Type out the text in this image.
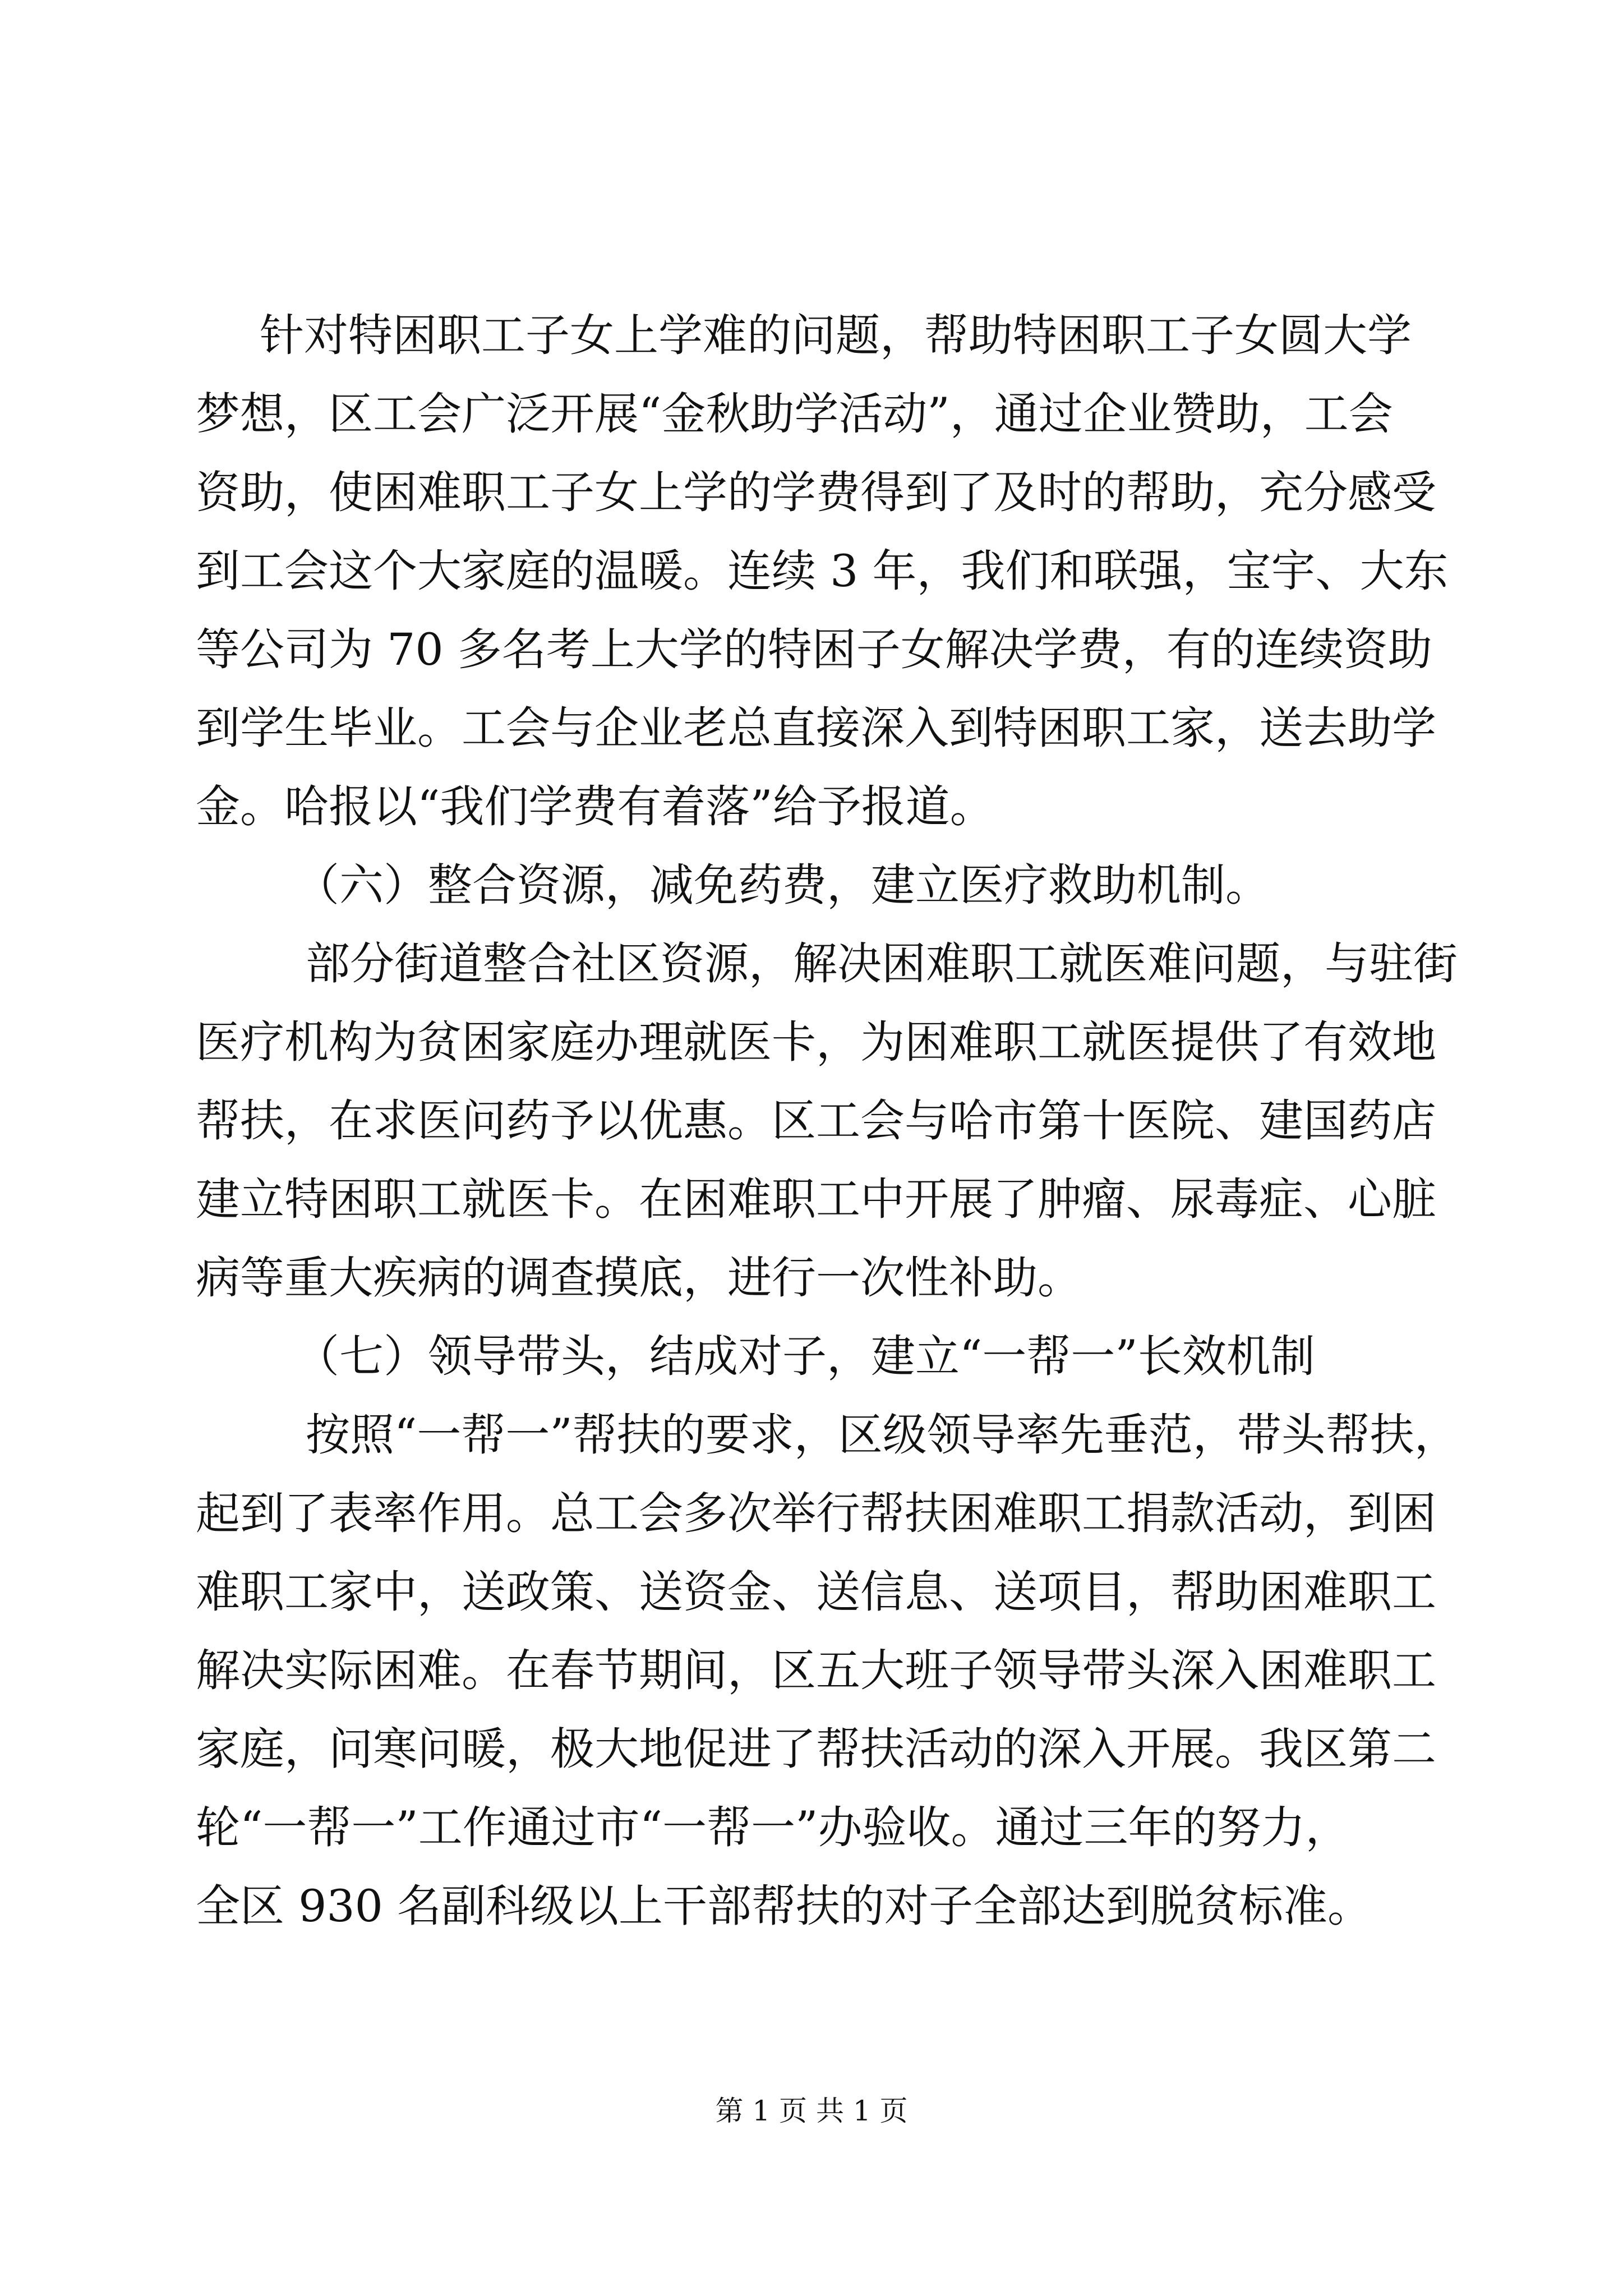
针对特困职工子女上学难的问题，帮助特困职工子女圆大学

梦想，区工会广泛开展“金秋助学活动”，通过企业赞助，工会

资助，使困难职工子女上学的学费得到了及时的帮助，充分感受

到工会这个大家庭的温暖。连续 3 年，我们和联强，宝宇、大东

等公司为 70 多名考上大学的特困子女解决学费，有的连续资助

到学生毕业。工会与企业老总直接深入到特困职工家，送去助学

金。哈报以“我们学费有着落”给予报道。

（六）整合资源，减免药费，建立医疗救助机制。

部分街道整合社区资源，解决困难职工就医难问题，与驻街

医疗机构为贫困家庭办理就医卡，为困难职工就医提供了有效地

帮扶，在求医问药予以优惠。区工会与哈市第十医院、建国药店

建立特困职工就医卡。在困难职工中开展了肿瘤、尿毒症、心脏

病等重大疾病的调查摸底，进行一次性补助。

（七）领导带头，结成对子，建立“一帮一”长效机制

按照“一帮一”帮扶的要求，区级领导率先垂范，带头帮扶，

起到了表率作用。总工会多次举行帮扶困难职工捐款活动，到困

难职工家中，送政策、送资金、送信息、送项目，帮助困难职工

解决实际困难。在春节期间，区五大班子领导带头深入困难职工

家庭，问寒问暖，极大地促进了帮扶活动的深入开展。我区第二

轮“一帮一”工作通过市“一帮一”办验收。通过三年的努力，

全区 930 名副科级以上干部帮扶的对子全部达到脱贫标准。

第 1 页 共 1 页
